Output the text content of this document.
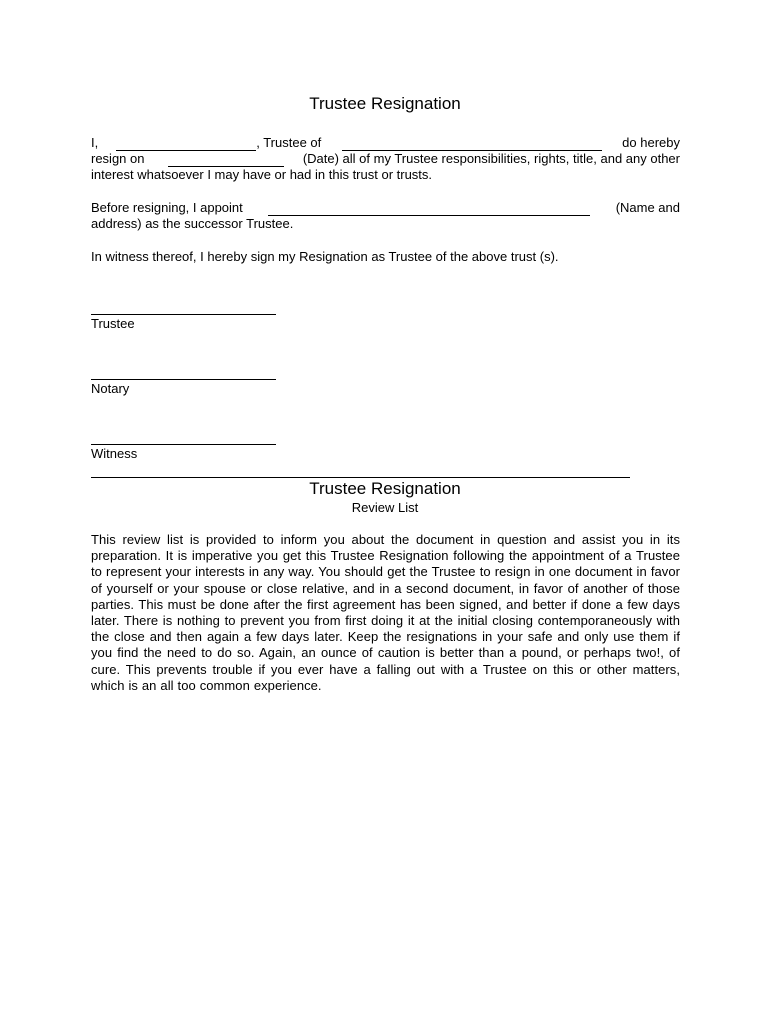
Trustee Resignation
I,	, Trustee of	do hereby
resign on	(Date) all of my Trustee responsibilities, rights, title, and any other
interest whatsoever I may have or had in this trust or trusts.
Before resigning, I appoint	(Name and
address) as the successor Trustee.
In witness thereof, I hereby sign my Resignation as Trustee of the above trust (s).
Trustee
Notary
Witness
Trustee Resignation
Review List
This review list is provided to inform you about the document in question and assist you in its preparation. It is imperative you get this Trustee Resignation following the appointment of a Trustee to represent your interests in any way. You should get the Trustee to resign in one document in favor of yourself or your spouse or close relative, and in a second document, in favor of another of those parties. This must be done after the first agreement has been signed, and better if done a few days later. There is nothing to prevent you from first doing it at the initial closing contemporaneously with the close and then again a few days later. Keep the resignations in your safe and only use them if you find the need to do so. Again, an ounce of caution is better than a pound, or perhaps two!, of cure. This prevents trouble if you ever have a falling out with a Trustee on this or other matters, which is an all too common experience.
